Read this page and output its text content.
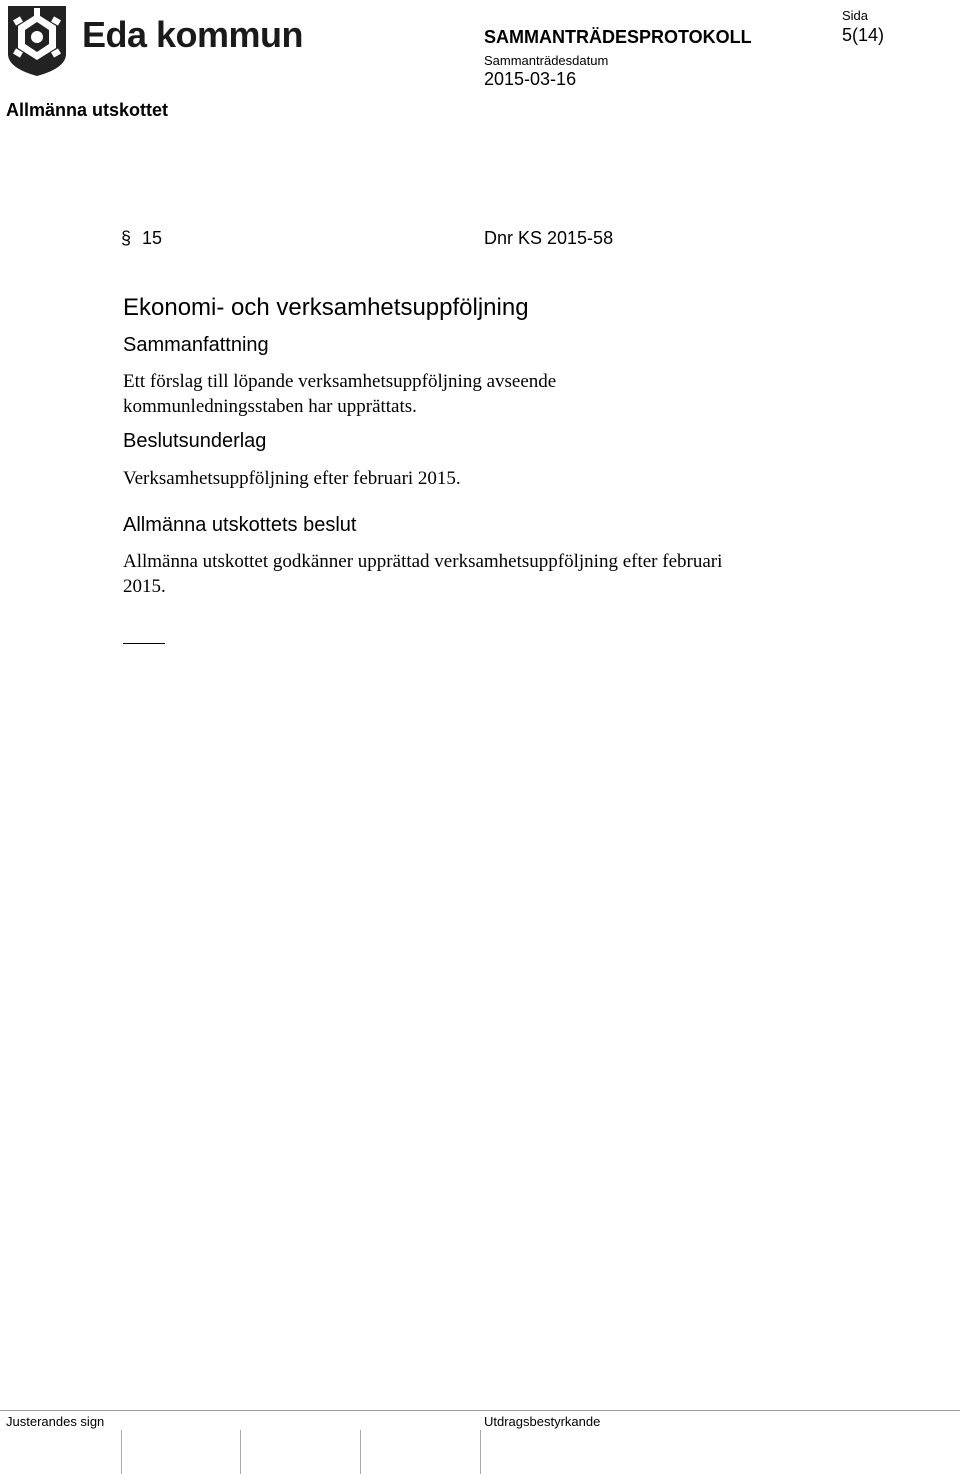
Eda kommun
Allmänna utskottet
SAMMANTRÄDESPROTOKOLL
Sammanträdesdatum
2015-03-16
Sida
5(14)
§ 15	Dnr KS 2015-58
Ekonomi- och verksamhetsuppföljning
Sammanfattning
Ett förslag till löpande verksamhetsuppföljning avseende
kommunledningsstaben har upprättats.
Beslutsunderlag
Verksamhetsuppföljning efter februari 2015.
Allmänna utskottets beslut
Allmänna utskottet godkänner upprättad verksamhetsuppföljning efter februari
2015.
Justerandes sign	Utdragsbestyrkande
